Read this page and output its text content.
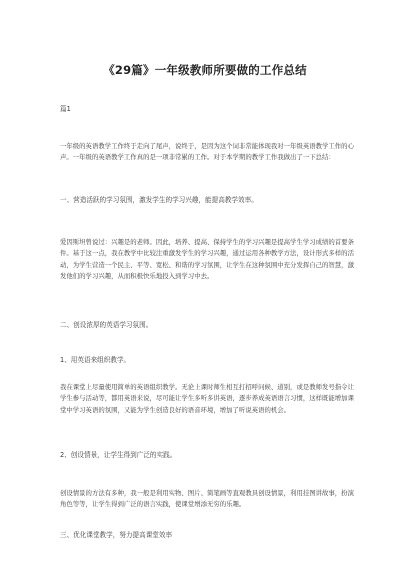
《29篇》一年级教师所要做的工作总结
篇1
一年级的英语教学工作终于走向了尾声，说终于，是因为这个词非常能体现我对一年级英语教学工作的心声。一年级的英语教学工作真的是一项非常累的工作。对于本学期的教学工作我做出了一下总结：
一、营造活跃的学习氛围，激发学生的学习兴趣，能提高教学效率。
爱因斯坦曾说过：兴趣是的老师。因此，培养、提高、保持学生的学习兴趣是提高学生学习成绩的首要条件。基于这一点，我在教学中比较注重激发学生的学习兴趣，通过运用各种教学方法，设计形式多样的活动，为学生营造一个民主、平等、宽松、和谐的学习氛围，让学生在这种氛围中充分发挥自己的智慧，激发他们的学习兴趣，从而积极快乐地投入到学习中去。
二、创设浓厚的英语学习氛围。
1、用英语来组织教学。
我在课堂上尽量使用简单的英语组织教学。无论上课时师生相互打招呼问候、道别，或是教师发号指令让学生参与活动等，都用英语来说，尽可能让学生多听多讲英语，逐步养成英语语言习惯，这样既能增加课堂中学习英语的氛围，又能为学生创造良好的语音环境，增加了听说英语的机会。
2、创设情景，让学生得到广泛的实践。
创设情景的方法有多种，我一般是利用实物、图片、简笔画等直观教具创设情景，利用挂图讲故事，扮演角色等等，让学生得到广泛的语言实践，使课堂增添无穷的乐趣。
三、优化课堂教学，努力提高课堂效率
